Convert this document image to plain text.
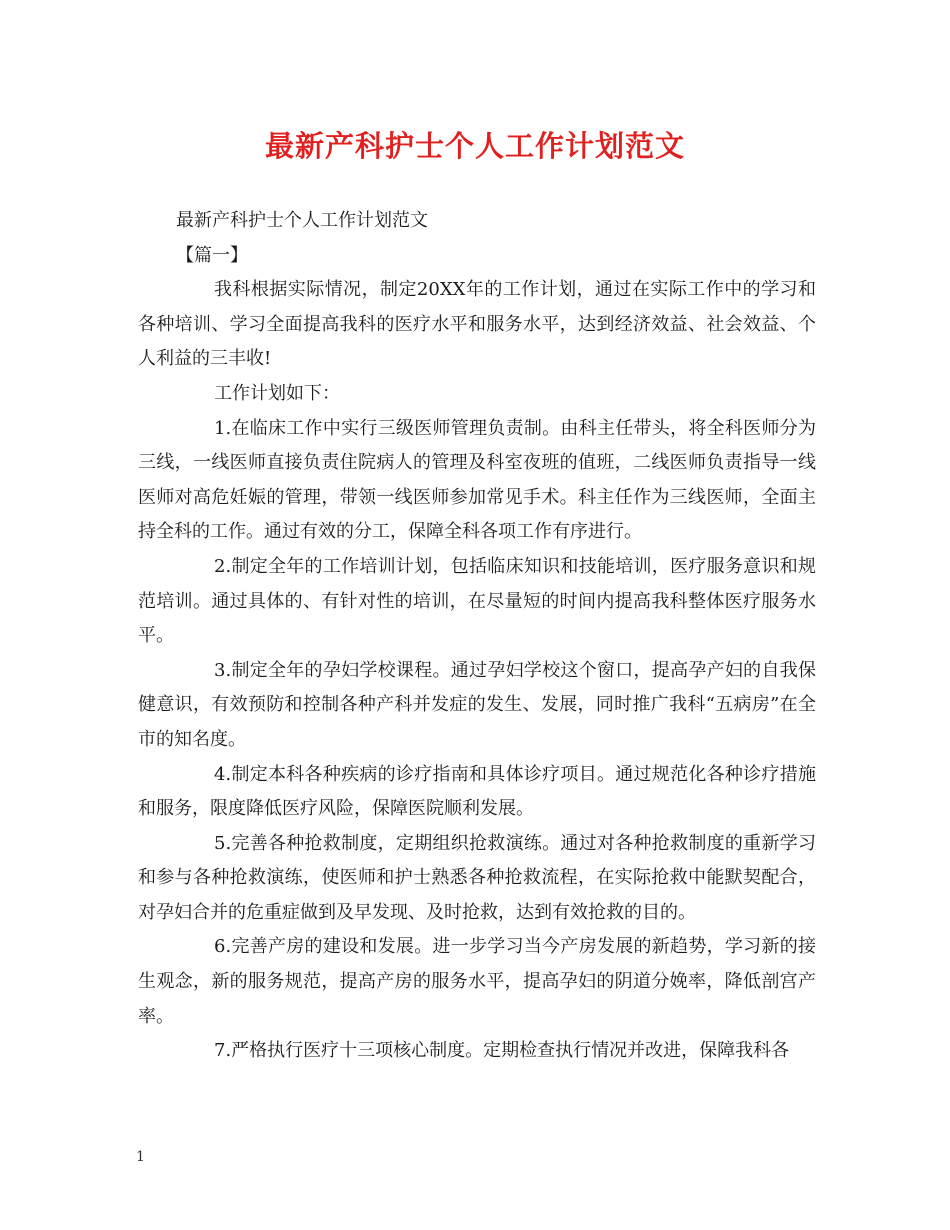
最新产科护士个人工作计划范文

最新产科护士个人工作计划范文

【篇一】

我科根据实际情况，制定20XX年的工作计划，通过在实际工作中的学习和各种培训、学习全面提高我科的医疗水平和服务水平，达到经济效益、社会效益、个人利益的三丰收!

工作计划如下：

1.在临床工作中实行三级医师管理负责制。由科主任带头，将全科医师分为三线，一线医师直接负责住院病人的管理及科室夜班的值班，二线医师负责指导一线医师对高危妊娠的管理，带领一线医师参加常见手术。科主任作为三线医师，全面主持全科的工作。通过有效的分工，保障全科各项工作有序进行。

2.制定全年的工作培训计划，包括临床知识和技能培训，医疗服务意识和规范培训。通过具体的、有针对性的培训，在尽量短的时间内提高我科整体医疗服务水平。

3.制定全年的孕妇学校课程。通过孕妇学校这个窗口，提高孕产妇的自我保健意识，有效预防和控制各种产科并发症的发生、发展，同时推广我科“五病房”在全市的知名度。

4.制定本科各种疾病的诊疗指南和具体诊疗项目。通过规范化各种诊疗措施和服务，限度降低医疗风险，保障医院顺利发展。

5.完善各种抢救制度，定期组织抢救演练。通过对各种抢救制度的重新学习和参与各种抢救演练，使医师和护士熟悉各种抢救流程，在实际抢救中能默契配合，对孕妇合并的危重症做到及早发现、及时抢救，达到有效抢救的目的。

6.完善产房的建设和发展。进一步学习当今产房发展的新趋势，学习新的接生观念，新的服务规范，提高产房的服务水平，提高孕妇的阴道分娩率，降低剖宫产率。

7.严格执行医疗十三项核心制度。定期检查执行情况并改进，保障我科各

1
